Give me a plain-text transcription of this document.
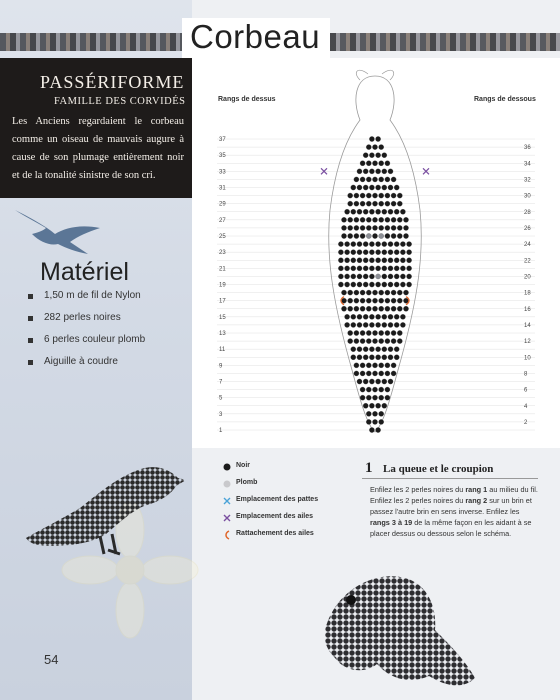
Corbeau
PASSÉRIFORME
FAMILLE DES CORVIDÉS
Les Anciens regardaient le corbeau comme un oiseau de mauvais augure à cause de son plumage entièrement noir et de la tonalité sinistre de son cri.
Matériel
1,50 m de fil de Nylon
282 perles noires
6 perles couleur plomb
Aiguille à coudre
54
Rangs de dessus	Rangs de dessous
37
35
33
31
29
27
25
23
21
19
17
15
13
11
9
7
5
3
1
36
34
32
30
28
26
24
22
20
18
16
14
12
10
8
6
4
2
Noir
Plomb
Emplacement des pattes
Emplacement des ailes
Rattachement des ailes
1 La queue et le croupion
Enfilez les 2 perles noires du rang 1 au milieu du fil. Enfilez les 2 perles noires du rang 2 sur un brin et passez l'autre brin en sens inverse. Enfilez les rangs 3 à 19 de la même façon en les aidant à se placer dessus ou dessous selon le schéma.
